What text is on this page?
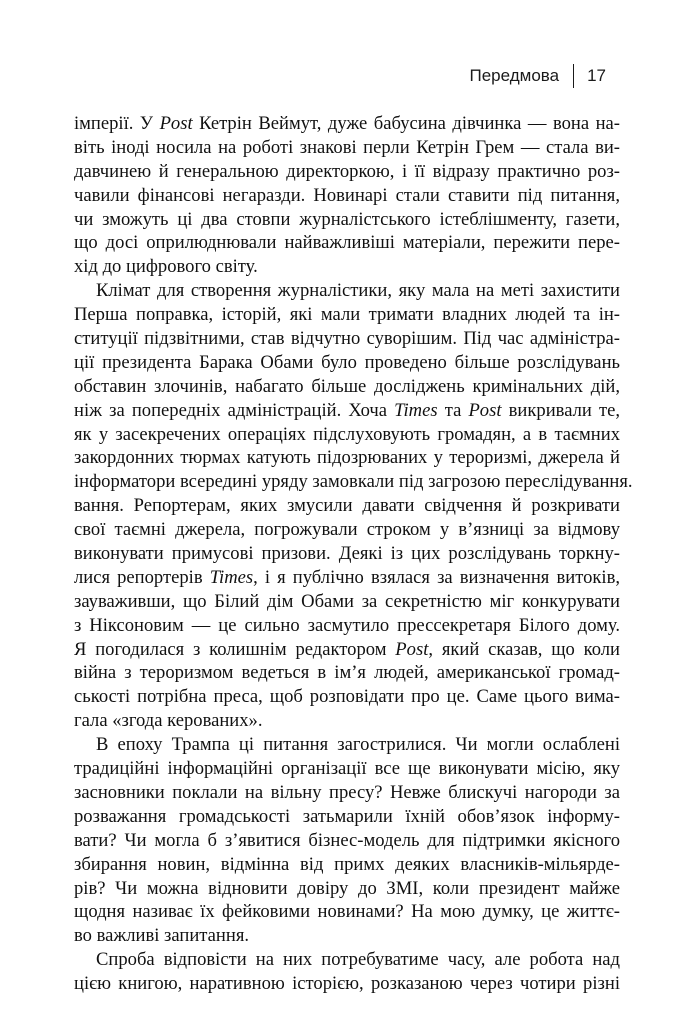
Передмова 17
імперії. У Post Кетрін Веймут, дуже бабусина дівчинка — вона на-
віть іноді носила на роботі знакові перли Кетрін Грем — стала ви-
давчинею й генеральною директоркою, і її відразу практично роз-
чавили фінансові негаразди. Новинарі стали ставити під питання,
чи зможуть ці два стовпи журналістського істеблішменту, газети,
що досі оприлюднювали найважливіші матеріали, пережити пере-
хід до цифрового світу.
Клімат для створення журналістики, яку мала на меті захистити
Перша поправка, історій, які мали тримати владних людей та ін-
ституції підзвітними, став відчутно суворішим. Під час адміністра-
ції президента Барака Обами було проведено більше розслідувань
обставин злочинів, набагато більше досліджень кримінальних дій,
ніж за попередніх адміністрацій. Хоча Times та Post викривали те,
як у засекречених операціях підслуховують громадян, а в таємних
закордонних тюрмах катують підозрюваних у тероризмі, джерела й
інформатори всередині уряду замовкали під загрозою переслідування.
вання. Репортерам, яких змусили давати свідчення й розкривати
свої таємні джерела, погрожували строком у в’язниці за відмову
виконувати примусові призови. Деякі із цих розслідувань торкну-
лися репортерів Times, і я публічно взялася за визначення витоків,
зауваживши, що Білий дім Обами за секретністю міг конкурувати
з Ніксоновим — це сильно засмутило пресcекретаря Білого дому.
Я погодилася з колишнім редактором Post, який сказав, що коли
війна з тероризмом ведеться в ім’я людей, американської громад-
ськості потрібна преса, щоб розповідати про це. Саме цього вима-
гала «згода керованих».
В епоху Трампа ці питання загострилися. Чи могли ослаблені
традиційні інформаційні організації все ще виконувати місію, яку
засновники поклали на вільну пресу? Невже блискучі нагороди за
розважання громадськості затьмарили їхній обов’язок інформу-
вати? Чи могла б з’явитися бізнес-модель для підтримки якісного
збирання новин, відмінна від примх деяких власників-мільярде-
рів? Чи можна відновити довіру до ЗМІ, коли президент майже
щодня називає їх фейковими новинами? На мою думку, це життє-
во важливі запитання.
Спроба відповісти на них потребуватиме часу, але робота над
цією книгою, наративною історією, розказаною через чотири різні
